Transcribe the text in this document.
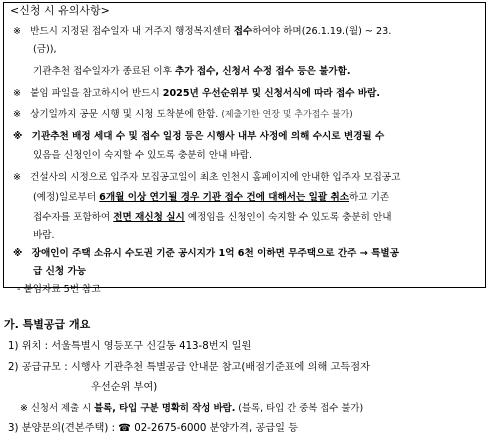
<신청 시 유의사항>
※ 반드시 지정된 접수일자 내 거주지 행정복지센터 접수하여야 하며(26.1.19.(월) ~ 23.
(금)),
기관추천 접수일자가 종료된 이후 추가 접수, 신청서 수정 접수 등은 불가함.
※ 붙임 파일을 참고하시어 반드시 2025년 우선순위부 및 신청서식에 따라 접수 바람.
※ 상기일까지 공문 시행 및 시청 도착분에 한함. (제출기한 연장 및 추가접수 불가)
※ 기관추천 배정 세대 수 및 접수 일정 등은 시행사 내부 사정에 의해 수시로 변경될 수
있음을 신청인이 숙지할 수 있도록 충분히 안내 바람.
※ 건설사의 시정으로 입주자 모집공고일이 최초 인천시 홈페이지에 안내한 입주자 모집공고
(예정)일로부터 6개월 이상 연기될 경우 기관 접수 건에 대해서는 일괄 취소하고 기존
접수자를 포함하여 전면 재신청 실시 예정임을 신청인이 숙지할 수 있도록 충분히 안내
바람.
※ 장애인이 주택 소유시 수도권 기준 공시지가 1억 6천 이하면 무주택으로 간주 → 특별공
급 신청 가능
- 붙임자료 5번 참고
가. 특별공급 개요
1) 위치 : 서울특별시 영등포구 신길동 413-8번지 일원
2) 공급규모 : 시행사 기관추천 특별공급 안내문 참고(배점기준표에 의해 고득점자
우선순위 부여)
※ 신청서 제출 시 블록, 타입 구분 명확히 작성 바람. (블록, 타입 간 중복 접수 불가)
3) 분양문의(견본주택) : ☎ 02-2675-6000 분양가격, 공급일 등
